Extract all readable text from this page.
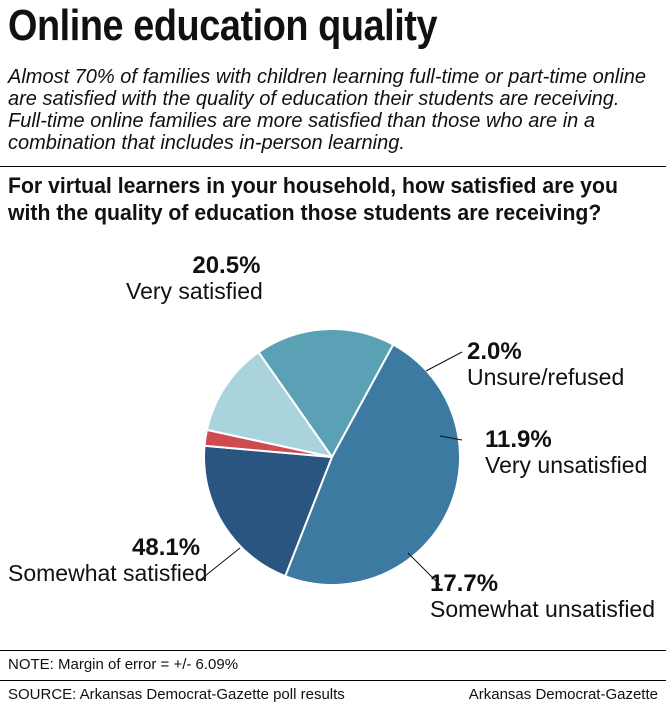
Online education quality
Almost 70% of families with children learning full-time or part-time online are satisfied with the quality of education their students are receiving. Full-time online families are more satisfied than those who are in a combination that includes in-person learning.
For virtual learners in your household, how satisfied are you with the quality of education those students are receiving?
20.5%
Very satisfied
2.0%
Unsure/refused
11.9%
Very unsatisfied
17.7%
Somewhat unsatisfied
48.1%
Somewhat satisfied
NOTE: Margin of error = +/- 6.09%
SOURCE: Arkansas Democrat-Gazette poll results	Arkansas Democrat-Gazette
